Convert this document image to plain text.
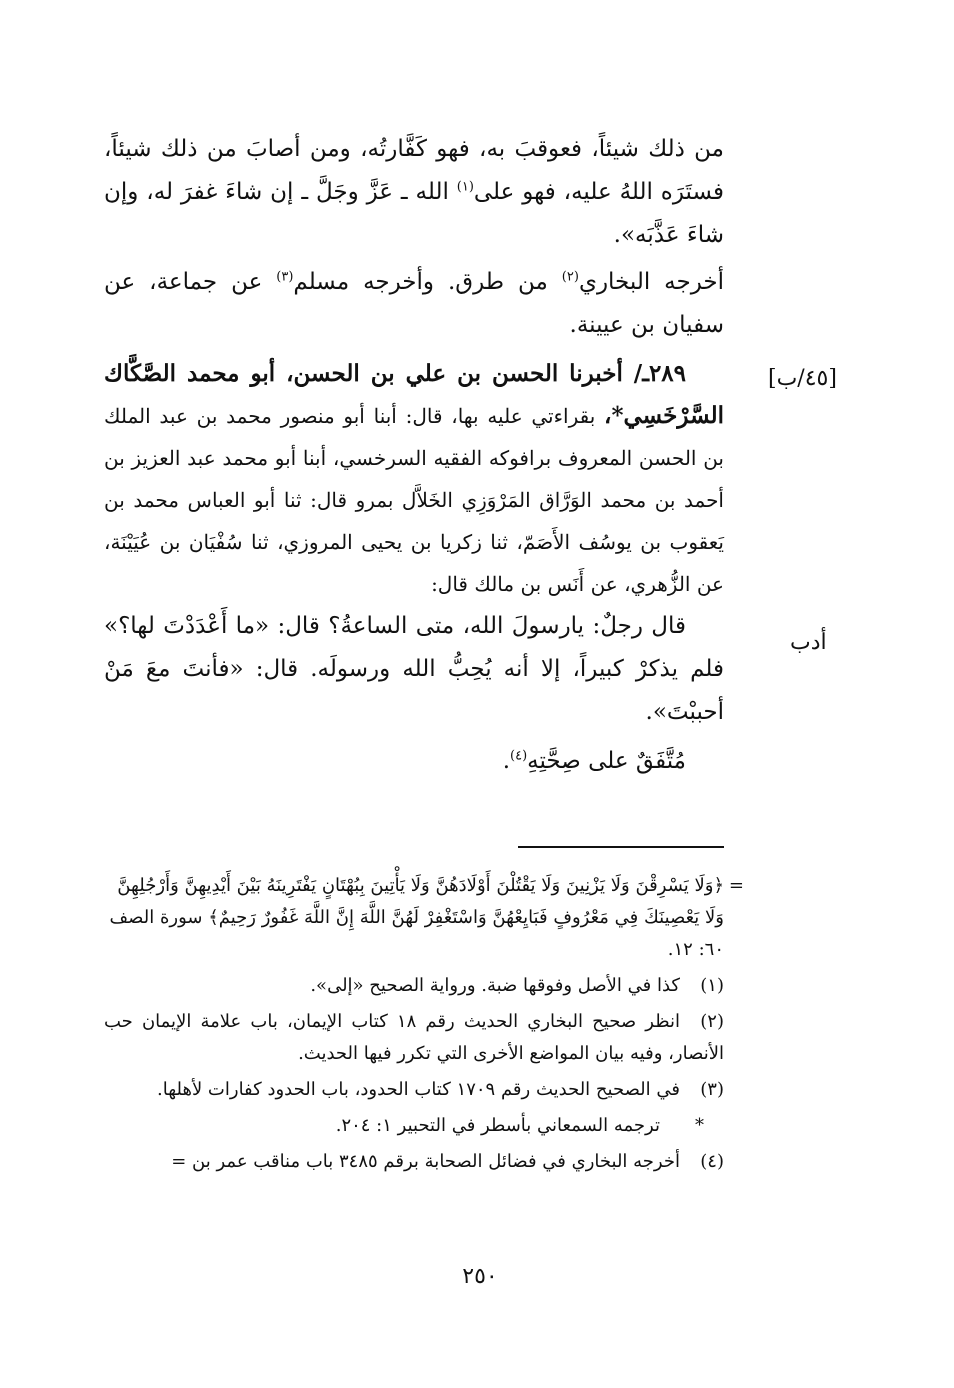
من ذلك شيئاً، فعوقبَ به، فهو كَفَّارتُه، ومن أصابَ من ذلك شيئاً، فستَرَه اللهُ عليه، فهو على$^{(١)}$ الله ـ عَزَّ وجَلَّ ـ إن شاءَ غفرَ له، وإن شاءَ عَذَّبَه».

أخرجه البخاري$^{(٢)}$ من طرق. وأخرجه مسلم$^{(٣)}$ عن جماعة، عن سفيان بن عيينة.

٢٨٩ـ/ أخبرنا الحسن بن علي بن الحسن، أبو محمد الصَّكَّاك السَّرْخَسِي*، بقراءتي عليه بها، قال: أبنا أبو منصور محمد بن عبد الملك بن الحسن المعروف برافوكه الفقيه السرخسي، أبنا أبو محمد عبد العزيز بن أحمد بن محمد الوَرَّاق المَرْوَزِي الخَلاَّل بمرو قال: ثنا أبو العباس محمد بن يَعقوب بن يوسُف الأَصَمّ، ثنا زكريا بن يحيى المروزي، ثنا سُفْيَان بن عُيَيْنَة، عن الزُّهري، عن أَنَس بن مالك قال:

قال رجلٌ: يارسولَ الله، متى الساعةُ؟ قال: «ما أَعْدَدْتَ لها؟» فلم يذكرْ كبيراً، إلا أنه يُحِبُّ الله ورسولَه. قال: «فأنتَ معَ مَنْ أحببْتَ».

مُتَّفَقٌ على صِحَّتِهِ$^{(٤)}$.

[٤٥/ب]
أدب
=
﴿وَلَا يَسْرِقْنَ وَلَا يَزْنِينَ وَلَا يَقْتُلْنَ أَوْلَادَهُنَّ وَلَا يَأْتِينَ بِبُهْتَانٍ يَفْتَرِينَهُ بَيْنَ أَيْدِيهِنَّ وَأَرْجُلِهِنَّ وَلَا يَعْصِينَكَ فِي مَعْرُوفٍ فَبَايِعْهُنَّ وَاسْتَغْفِرْ لَهُنَّ اللَّهَ إِنَّ اللَّهَ غَفُورٌ رَحِيمٌ﴾ سورة الصف ٦٠: ١٢.

(١)كذا في الأصل وفوقها ضبة. ورواية الصحيح «إلى».

(٢)انظر صحيح البخاري الحديث رقم ١٨ كتاب الإيمان، باب علامة الإيمان حب الأنصار، وفيه بيان المواضع الأخرى التي تكرر فيها الحديث.

(٣)في الصحيح الحديث رقم ١٧٠٩ كتاب الحدود، باب الحدود كفارات لأهلها.

*ترجمه السمعاني بأسطر في التحبير ١: ٢٠٤.

(٤)أخرجه البخاري في فضائل الصحابة برقم ٣٤٨٥ باب مناقب عمر بن =

٢٥٠
